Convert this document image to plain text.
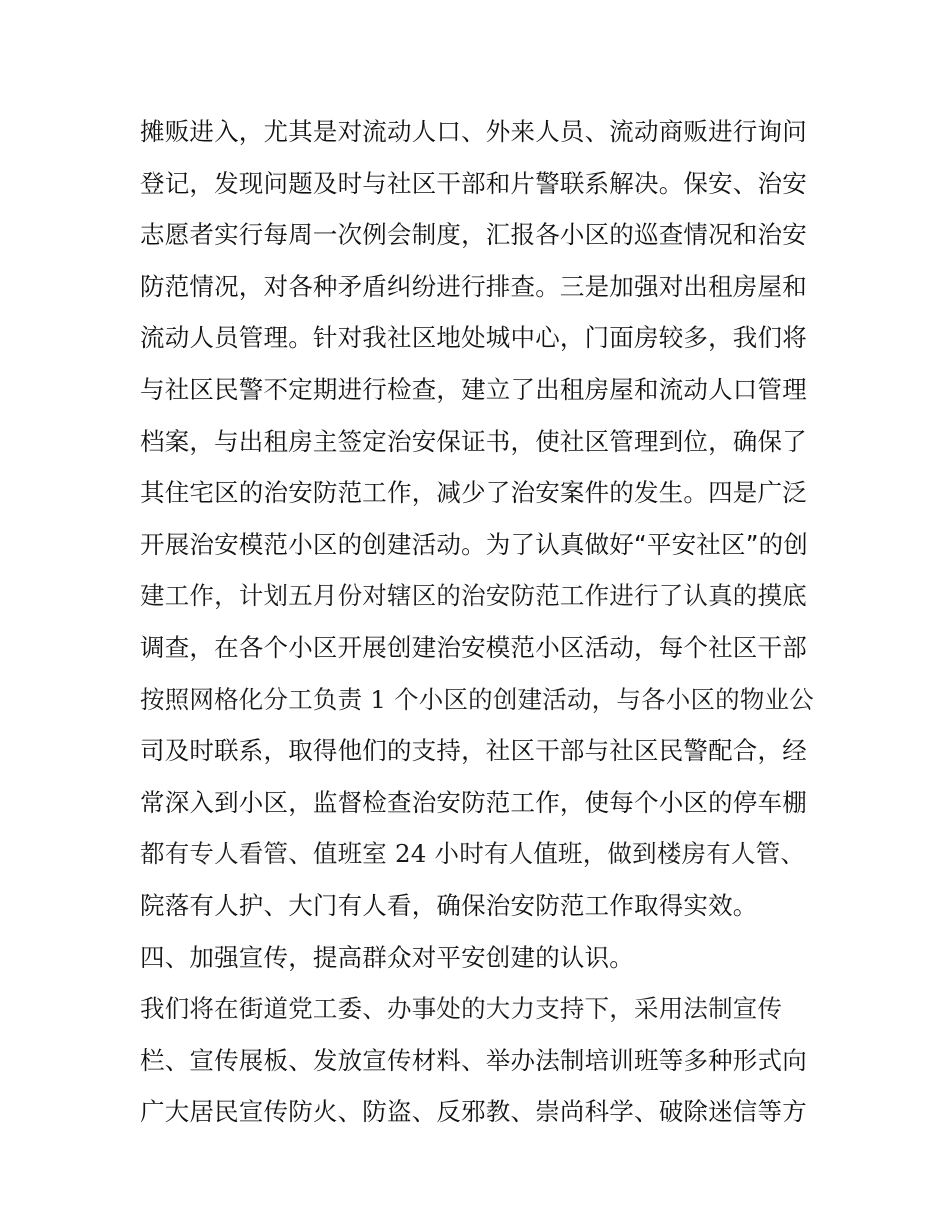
摊贩进入，尤其是对流动人口、外来人员、流动商贩进行询问
登记，发现问题及时与社区干部和片警联系解决。保安、治安
志愿者实行每周一次例会制度，汇报各小区的巡查情况和治安
防范情况，对各种矛盾纠纷进行排查。三是加强对出租房屋和
流动人员管理。针对我社区地处城中心，门面房较多，我们将
与社区民警不定期进行检查，建立了出租房屋和流动人口管理
档案，与出租房主签定治安保证书，使社区管理到位，确保了
其住宅区的治安防范工作，减少了治安案件的发生。四是广泛
开展治安模范小区的创建活动。为了认真做好“平安社区”的创
建工作，计划五月份对辖区的治安防范工作进行了认真的摸底
调查，在各个小区开展创建治安模范小区活动，每个社区干部
按照网格化分工负责 1 个小区的创建活动，与各小区的物业公
司及时联系，取得他们的支持，社区干部与社区民警配合，经
常深入到小区，监督检查治安防范工作，使每个小区的停车棚
都有专人看管、值班室 24 小时有人值班，做到楼房有人管、
院落有人护、大门有人看，确保治安防范工作取得实效。
四、加强宣传，提高群众对平安创建的认识。
我们将在街道党工委、办事处的大力支持下，采用法制宣传
栏、宣传展板、发放宣传材料、举办法制培训班等多种形式向
广大居民宣传防火、防盗、反邪教、崇尚科学、破除迷信等方
